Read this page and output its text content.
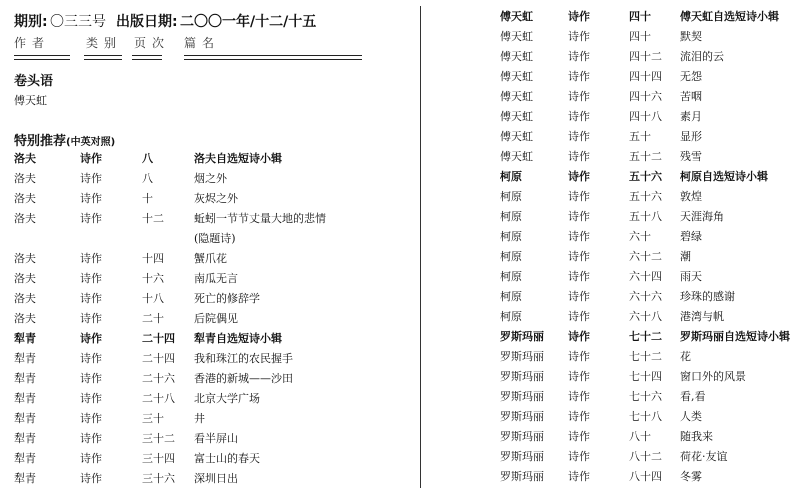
期别: 〇三三号 出版日期: 二〇〇一年/十二/十五
作者	类别 页次 篇名
卷头语
傅天虹
特别推荐(中英对照)
洛夫	诗作	八	洛夫自选短诗小辑
洛夫	诗作	八	烟之外
洛夫	诗作	十	灰烬之外
洛夫	诗作	十二	蚯蚓一节节丈量大地的悲情
(隐题诗)
洛夫	诗作	十四	蟹爪花
洛夫	诗作	十六	南瓜无言
洛夫	诗作	十八	死亡的修辞学
洛夫	诗作	二十	后院偶见
犁青	诗作	二十四 犁青自选短诗小辑
犁青	诗作	二十四 我和珠江的农民握手
犁青	诗作	二十六 香港的新城——沙田
犁青	诗作	二十八 北京大学广场
犁青	诗作	三十	井
犁青	诗作	三十二 看半屏山
犁青	诗作	三十四 富士山的春天
犁青	诗作	三十六 深圳日出
傅天虹	诗作	四十	傅天虹自选短诗小辑
傅天虹	诗作	四十	默契
傅天虹	诗作	四十二 流泪的云
傅天虹	诗作	四十四 无怨
傅天虹	诗作	四十六 苦咽
傅天虹	诗作	四十八 素月
傅天虹	诗作	五十	显形
傅天虹	诗作	五十二 残雪
柯原	诗作	五十六 柯原自选短诗小辑
柯原	诗作	五十六 敦煌
柯原	诗作	五十八 天涯海角
柯原	诗作	六十	碧绿
柯原	诗作	六十二 潮
柯原	诗作	六十四 雨天
柯原	诗作	六十六 珍珠的感谢
柯原	诗作	六十八 港湾与帆
罗斯玛丽 诗作	七十二 罗斯玛丽自选短诗小辑
罗斯玛丽 诗作	七十二 花
罗斯玛丽 诗作	七十四 窗口外的风景
罗斯玛丽 诗作	七十六 看,看
罗斯玛丽 诗作	七十八 人类
罗斯玛丽 诗作	八十	随我来
罗斯玛丽 诗作	八十二 荷花·友谊
罗斯玛丽 诗作	八十四 冬雾
